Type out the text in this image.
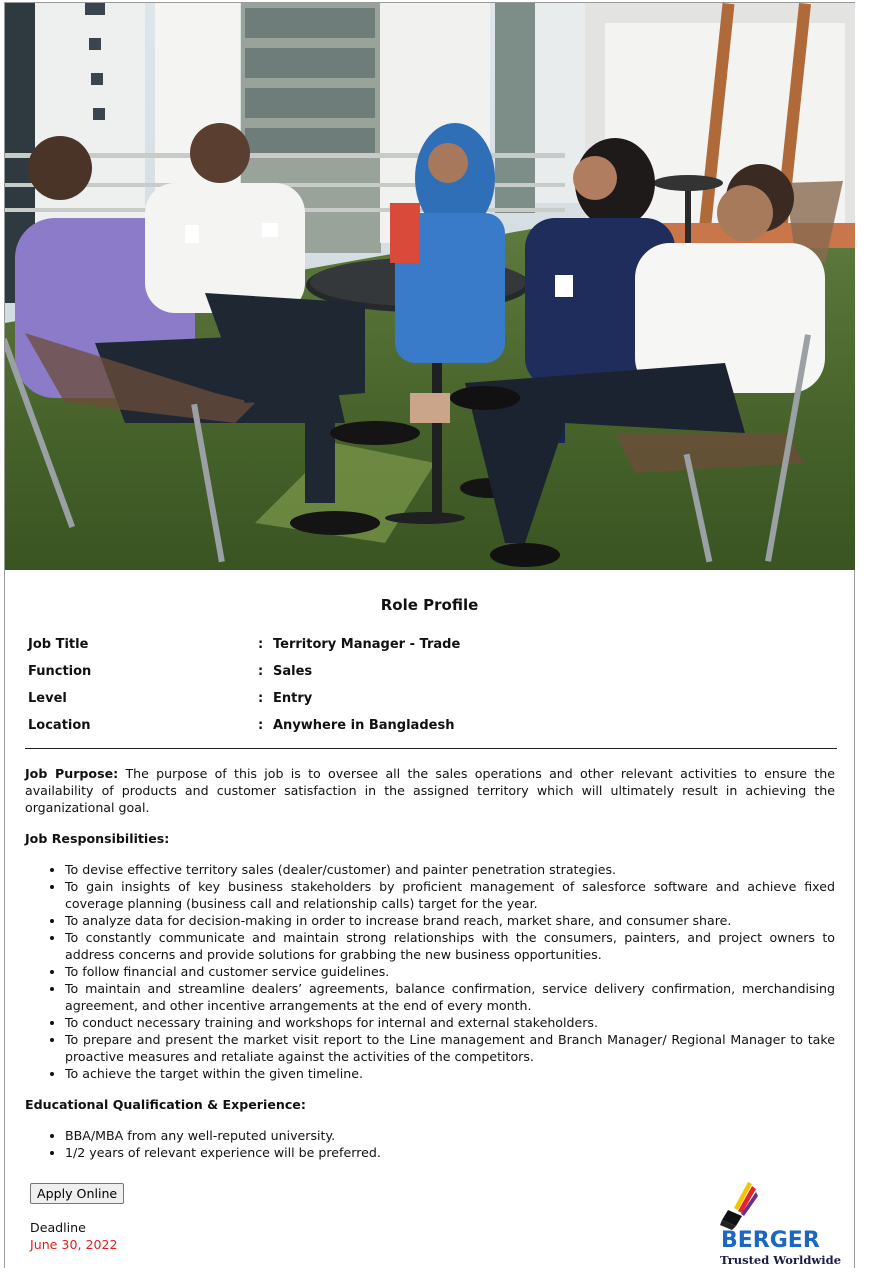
Role Profile
Job Title	: Territory Manager - Trade
Function	: Sales
Level	: Entry
Location	: Anywhere in Bangladesh

Job Purpose: The purpose of this job is to oversee all the sales operations and other relevant activities to ensure the availability of products and customer satisfaction in the assigned territory which will ultimately result in achieving the organizational goal.

Job Responsibilities:
• To devise effective territory sales (dealer/customer) and painter penetration strategies.
• To gain insights of key business stakeholders by proficient management of salesforce software and achieve fixed coverage planning (business call and relationship calls) target for the year.
• To analyze data for decision-making in order to increase brand reach, market share, and consumer share.
• To constantly communicate and maintain strong relationships with the consumers, painters, and project owners to address concerns and provide solutions for grabbing the new business opportunities.
• To follow financial and customer service guidelines.
• To maintain and streamline dealers’ agreements, balance confirmation, service delivery confirmation, merchandising agreement, and other incentive arrangements at the end of every month.
• To conduct necessary training and workshops for internal and external stakeholders.
• To prepare and present the market visit report to the Line management and Branch Manager/ Regional Manager to take proactive measures and retaliate against the activities of the competitors.
• To achieve the target within the given timeline.
Educational Qualification & Experience:
• BBA/MBA from any well-reputed university.
• 1/2 years of relevant experience will be preferred.
Apply Online
Deadline
June 30, 2022	BERGER
Trusted Worldwide
